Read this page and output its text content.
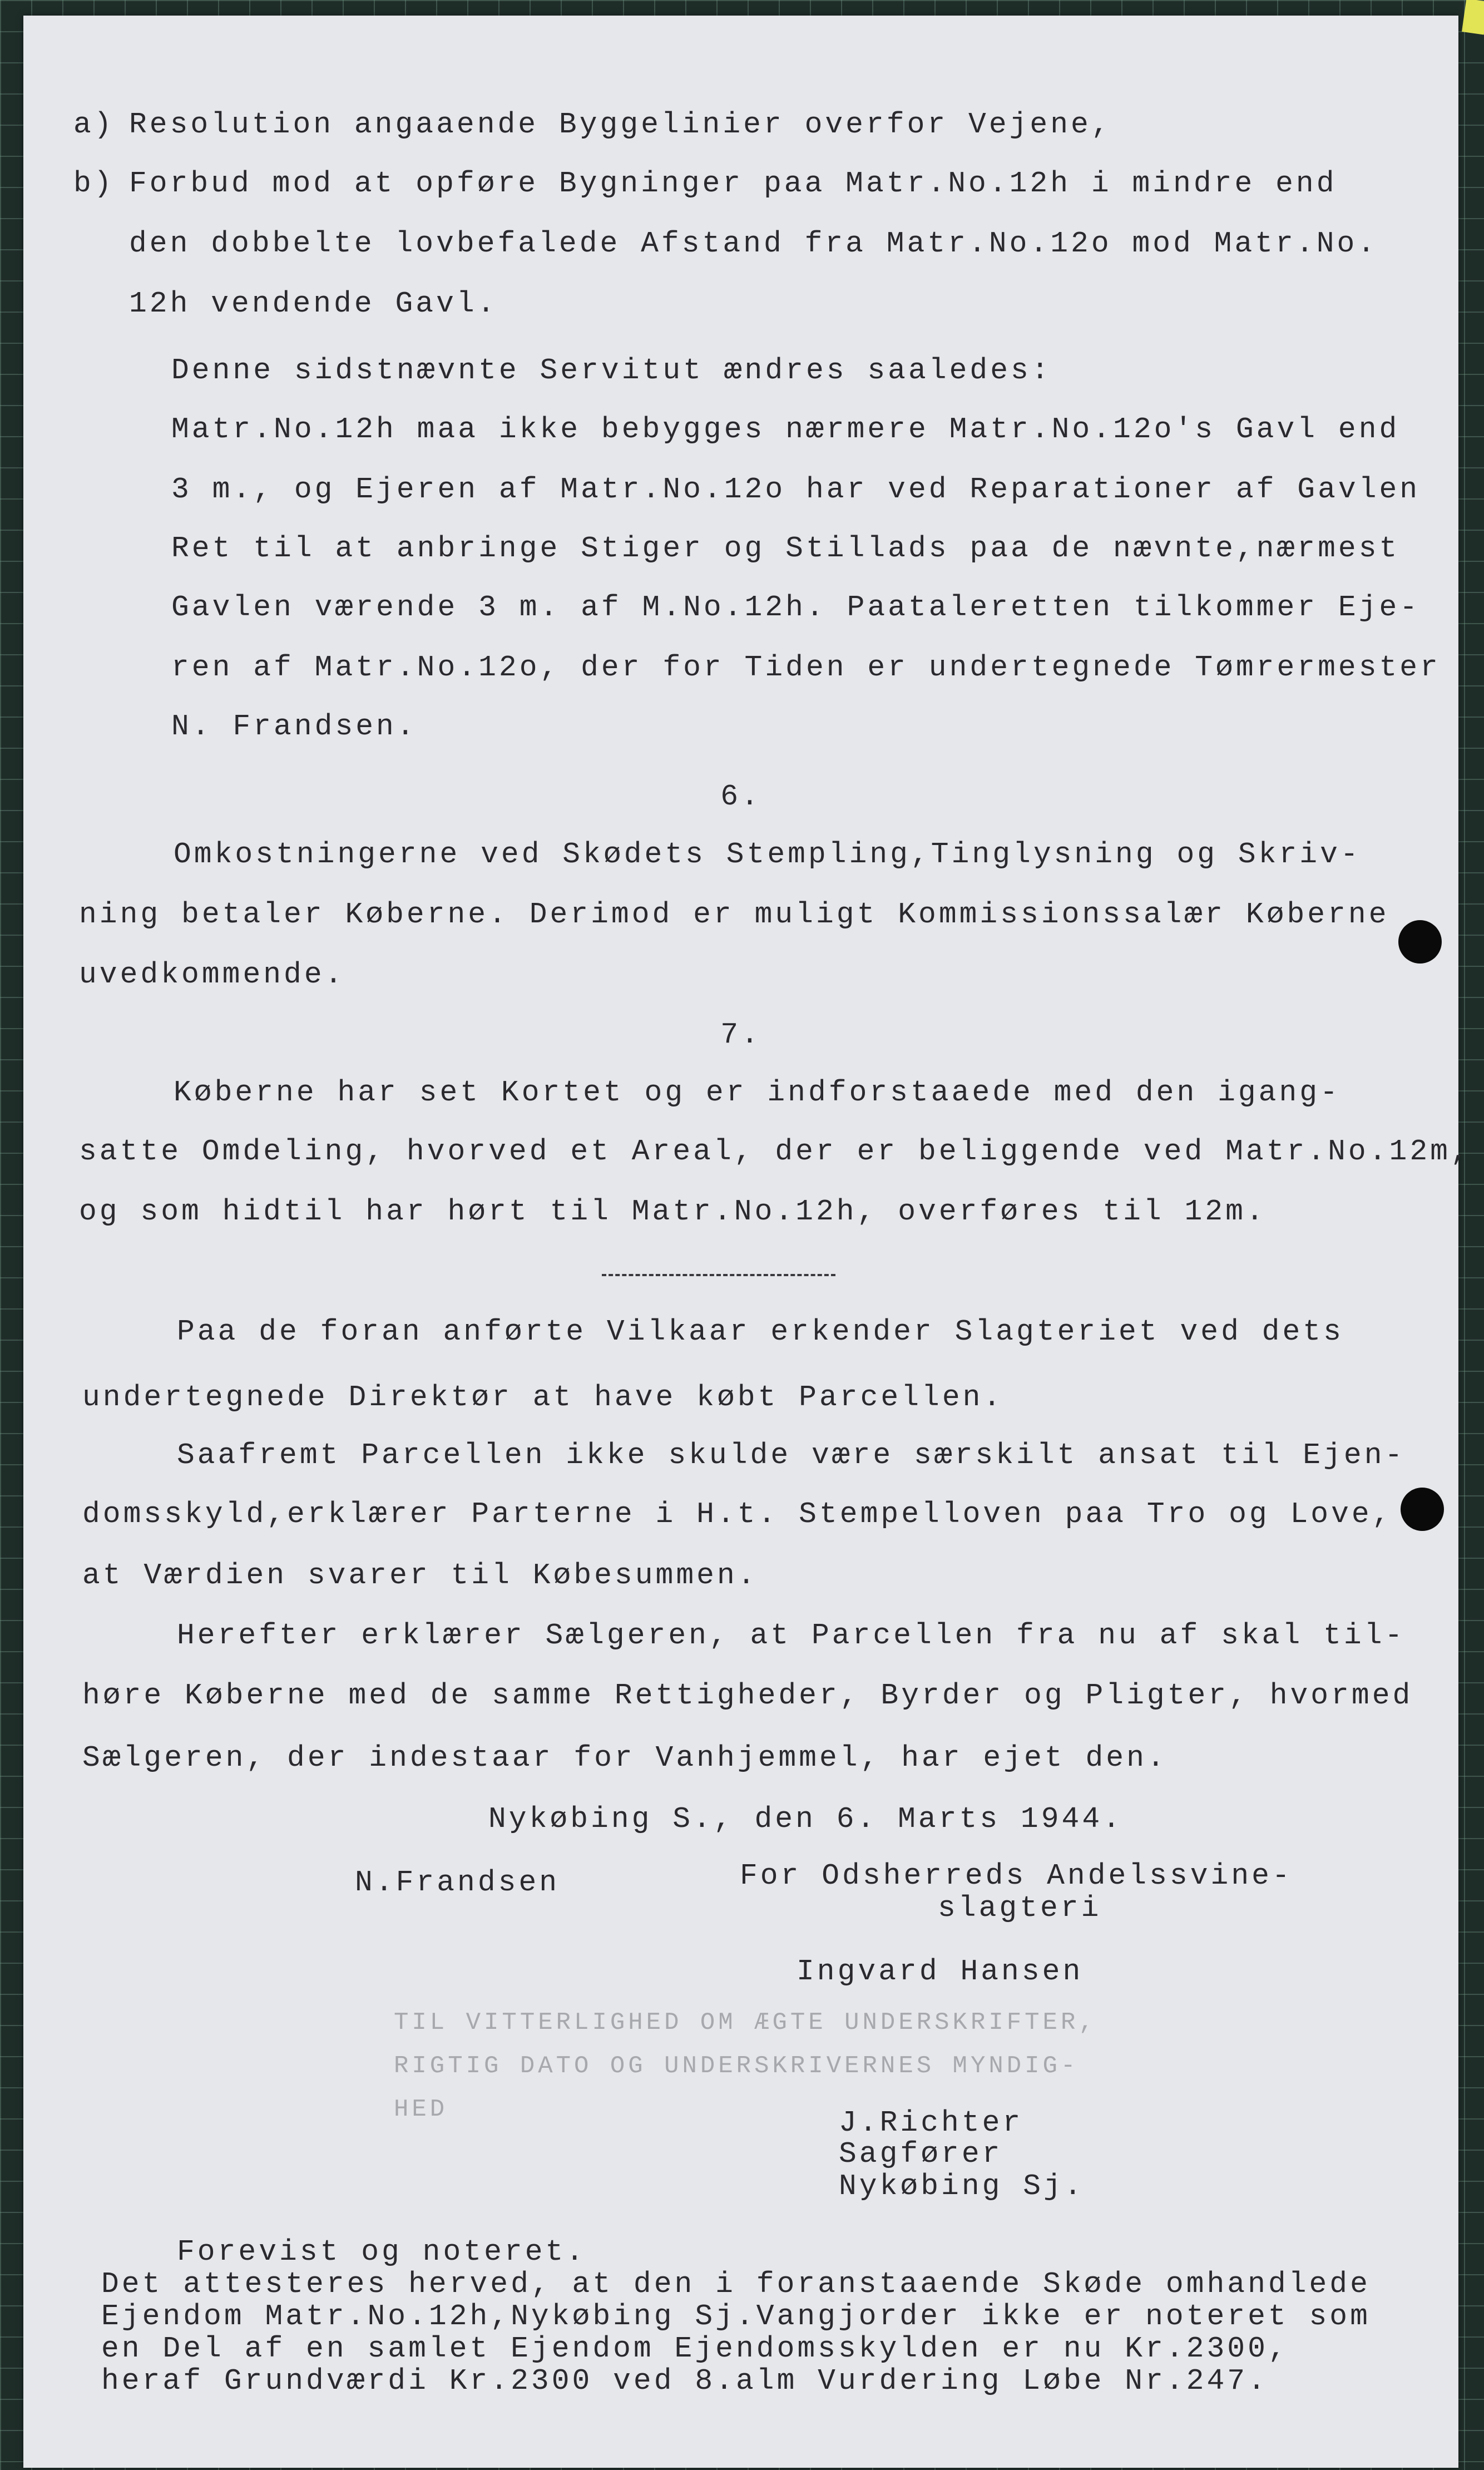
a) Resolution angaaende Byggelinier overfor Vejene,
b) Forbud mod at opføre Bygninger paa Matr.No.12h i mindre end
den dobbelte lovbefalede Afstand fra Matr.No.12o mod Matr.No.
12h vendende Gavl.
Denne sidstnævnte Servitut ændres saaledes:
Matr.No.12h maa ikke bebygges nærmere Matr.No.12o's Gavl end
3 m., og Ejeren af Matr.No.12o har ved Reparationer af Gavlen
Ret til at anbringe Stiger og Stillads paa de nævnte,nærmest
Gavlen værende 3 m. af M.No.12h. Paataleretten tilkommer Eje-
ren af Matr.No.12o, der for Tiden er undertegnede Tømrermester
N. Frandsen.
6.
Omkostningerne ved Skødets Stempling,Tinglysning og Skriv-
ning betaler Køberne. Derimod er muligt Kommissionssalær Køberne
uvedkommende.
7.
Køberne har set Kortet og er indforstaaede med den igang-
satte Omdeling, hvorved et Areal, der er beliggende ved Matr.No.12m,
og som hidtil har hørt til Matr.No.12h, overføres til 12m.
Paa de foran anførte Vilkaar erkender Slagteriet ved dets
undertegnede Direktør at have købt Parcellen.
Saafremt Parcellen ikke skulde være særskilt ansat til Ejen-
domsskyld,erklærer Parterne i H.t. Stempelloven paa Tro og Love,
at Værdien svarer til Købesummen.
Herefter erklærer Sælgeren, at Parcellen fra nu af skal til-
høre Køberne med de samme Rettigheder, Byrder og Pligter, hvormed
Sælgeren, der indestaar for Vanhjemmel, har ejet den.
Nykøbing S., den 6. Marts 1944.
N.Frandsen	For Odsherreds Andelssvine-
slagteri
Ingvard Hansen
TIL VITTERLIGHED OM ÆGTE UNDERSKRIFTER,
RIGTIG DATO OG UNDERSKRIVERNES MYNDIG-
HED	J.Richter
Sagfører
Nykøbing Sj.
Forevist og noteret.
Det attesteres herved, at den i foranstaaende Skøde omhandlede
Ejendom Matr.No.12h,Nykøbing Sj.Vangjorder ikke er noteret som
en Del af en samlet Ejendom Ejendomsskylden er nu Kr.2300,
heraf Grundværdi Kr.2300 ved 8.alm Vurdering Løbe Nr.247.
